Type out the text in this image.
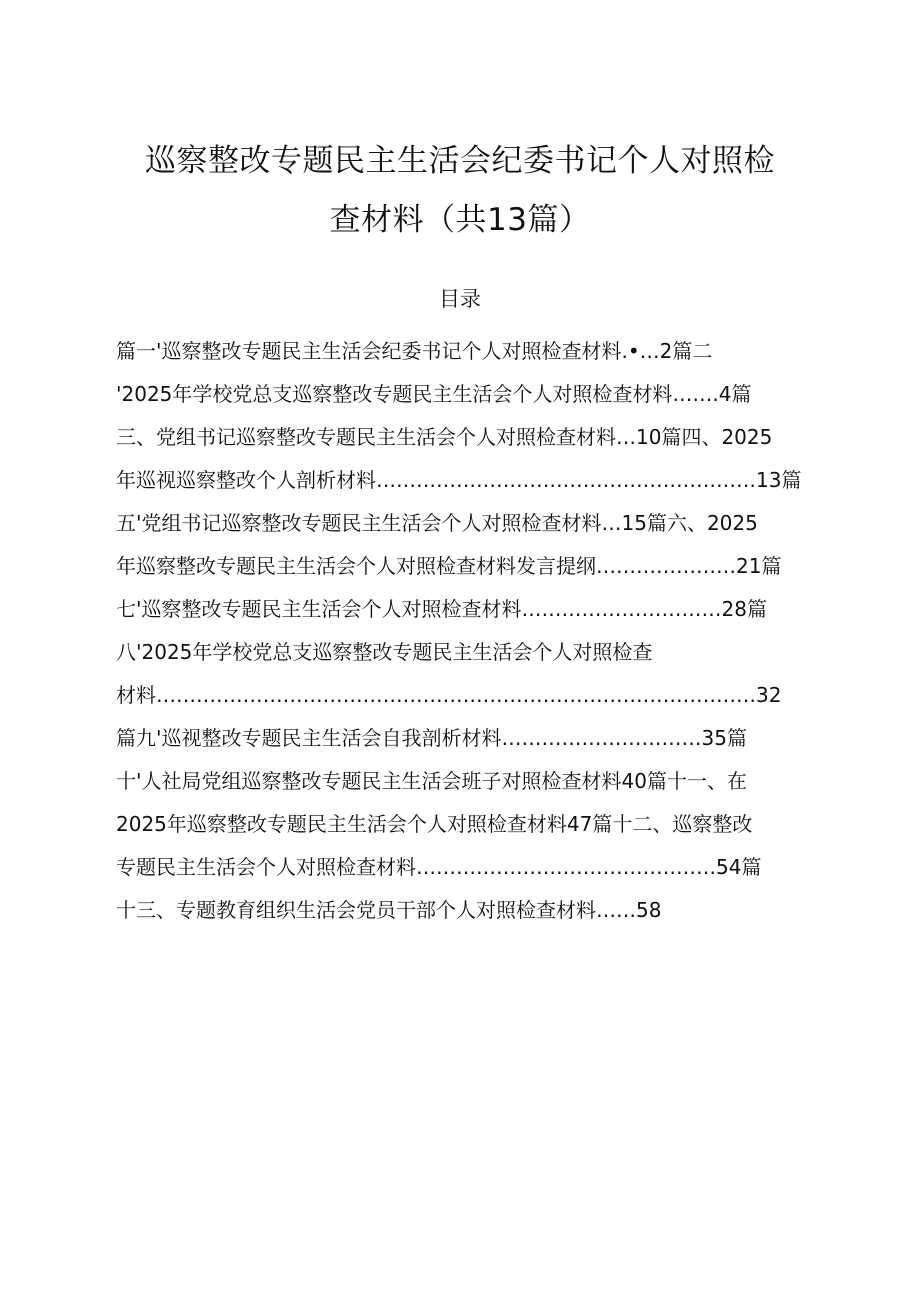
巡察整改专题民主生活会纪委书记个人对照检
查材料（共13篇）
目录
篇一'巡察整改专题民主生活会纪委书记个人对照检查材料.•…2篇二
'2025年学校党总支巡察整改专题民主生活会个人对照检查材料…….4篇
三、党组书记巡察整改专题民主生活会个人对照检查材料…10篇四、2025
年巡视巡察整改个人剖析材料…………………………………………………13篇
五'党组书记巡察整改专题民主生活会个人对照检查材料…15篇六、2025
年巡察整改专题民主生活会个人对照检查材料发言提纲…………………21篇
七'巡察整改专题民主生活会个人对照检查材料…………………………28篇
八'2025年学校党总支巡察整改专题民主生活会个人对照检查
材料………………………………………………………………………………32
篇九'巡视整改专题民主生活会自我剖析材料…………………………35篇
十'人社局党组巡察整改专题民主生活会班子对照检查材料40篇十一、在
2025年巡察整改专题民主生活会个人对照检查材料47篇十二、巡察整改
专题民主生活会个人对照检查材料………………………………………54篇
十三、专题教育组织生活会党员干部个人对照检查材料……58
